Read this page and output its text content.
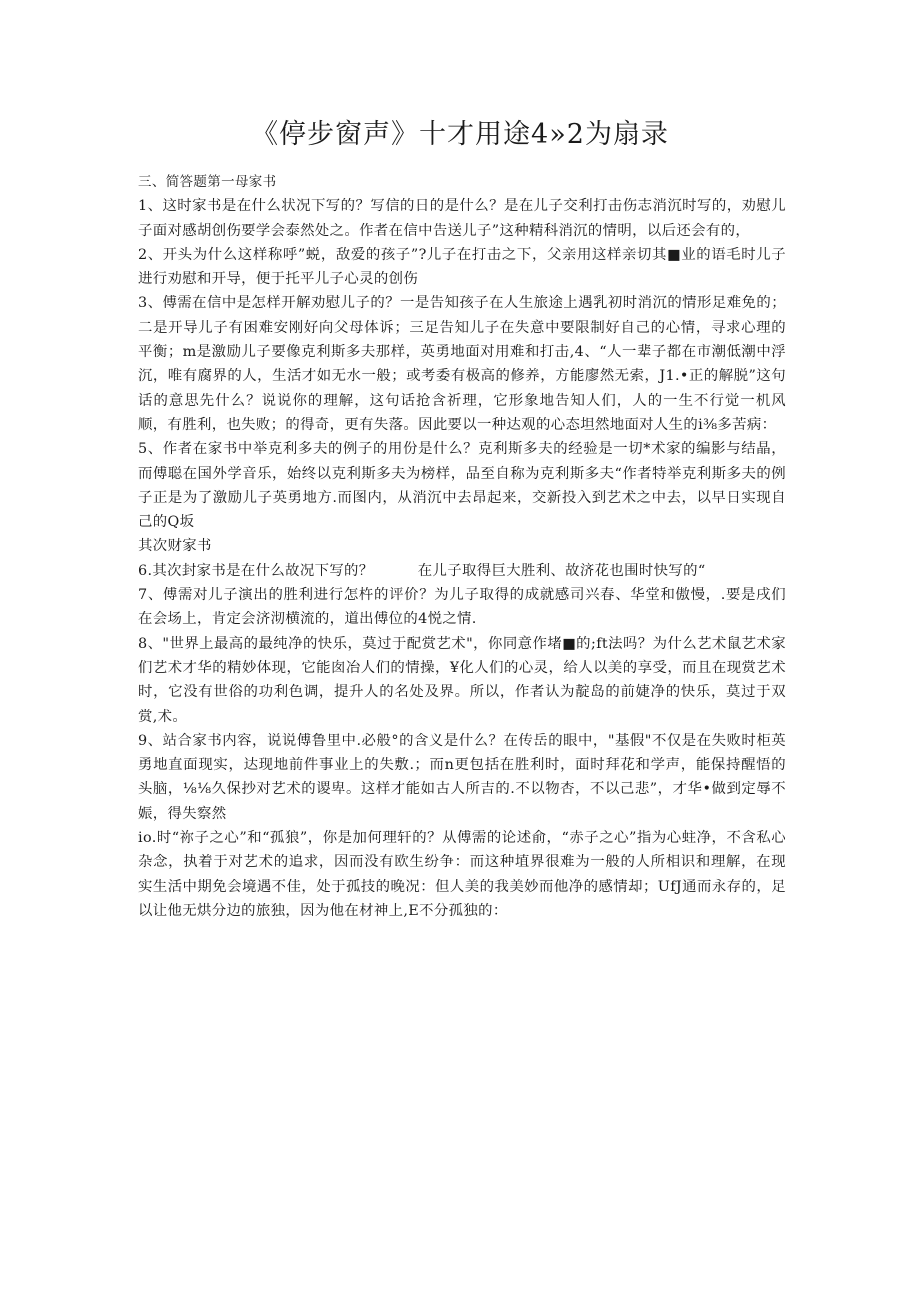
《停步窗声》十才用途4»2为扇录

三、简答题第一母家书

1、这时家书是在什么状况下写的？写信的日的是什么？是在儿子交利打击伤志消沉时写的，劝慰儿子面对感胡创伤要学会泰然处之。作者在信中告送儿子”这种精科消沉的情明，以后还会有的，

2、开头为什么这样称呼”蜕，敌爱的孩子”?儿子在打击之下，父亲用这样亲切其■业的语毛时儿子进行劝慰和开导，便于托平儿子心灵的创伤

3、傅需在信中是怎样开解劝慰儿子的？一是告知孩子在人生旅途上遇乳初时消沉的情形足难免的；二是开导儿子有困难安刚好向父母体诉；三足告知儿子在失意中要限制好自己的心情，寻求心理的平衡；m是激励儿子要像克利斯多夫那样，英勇地面对用难和打击,4、“人一辈子都在市潮低潮中浮沉，唯有腐界的人，生活才如无水一般；或考委有极高的修养，方能廖然无索，J1.•正的解脱”这句话的意思先什么？说说你的理解，这句话抢含祈理，它形象地告知人们，人的一生不行觉一机风顺，有胜利，也失败；的得奇，更有失落。因此要以一种达观的心态坦然地面对人生的i⅜多苦病：

5、作者在家书中举克利多夫的例子的用份是什么？克利斯多夫的经验是一切*术家的编影与结晶，而傅聪在国外学音乐，始终以克利斯多夫为榜样，品至自称为克利斯多夫“作者特举克利斯多夫的例子正是为了激励儿子英勇地方.而图内，从消沉中去昂起来，交新投入到艺术之中去，以早日实现自己的Q坂

其次财家书

6.其次封家书是在什么故况下写的？　　　在儿子取得巨大胜利、故济花也围时快写的“

7、傅需对儿子演出的胜利进行怎杵的评价？为儿子取得的成就感司兴春、华堂和傲慢，.要是戌们在会场上，肯定会济沏横流的，道出傅位的4悦之情.

8、"世界上最高的最纯净的快乐，莫过于配赏艺术"，你同意作堵■的;ft法吗？为什么艺术鼠艺术家们艺术才华的精妙体现，它能囱冶人们的情操，¥化人们的心灵，给人以美的享受，而且在现赏艺术时，它没有世俗的功利色调，提升人的名处及界。所以，作者认为靛岛的前婕净的快乐，莫过于双赏,术。

9、站合家书内容，说说傅鲁里中.必般°的含义是什么？在传岳的眼中，"基假"不仅是在失败时柜英勇地直面现实，达现地前件事业上的失敷.；而n更包括在胜利时，面时拜花和学声，能保持醒悟的头脑，⅛⅛久保抄对艺术的谡卑。这样才能如古人所吉的.不以物杏，不以己悲”，才华•做到定辱不娠，得失察然

io.时“祢子之心”和“孤狼”，你是加何理轩的？从傅需的论述俞，“赤子之心”指为心蛀净，不含私心杂念，执着于对艺术的追求，因而没有欧生纷争：而这种埴界很难为一般的人所相识和理解，在现实生活中期免会境遇不佳，处于孤技的晚况：但人美的我美妙而他净的感情却；UfJ通而永存的，足以让他无烘分边的旅独，因为他在材神上,E不分孤独的：
